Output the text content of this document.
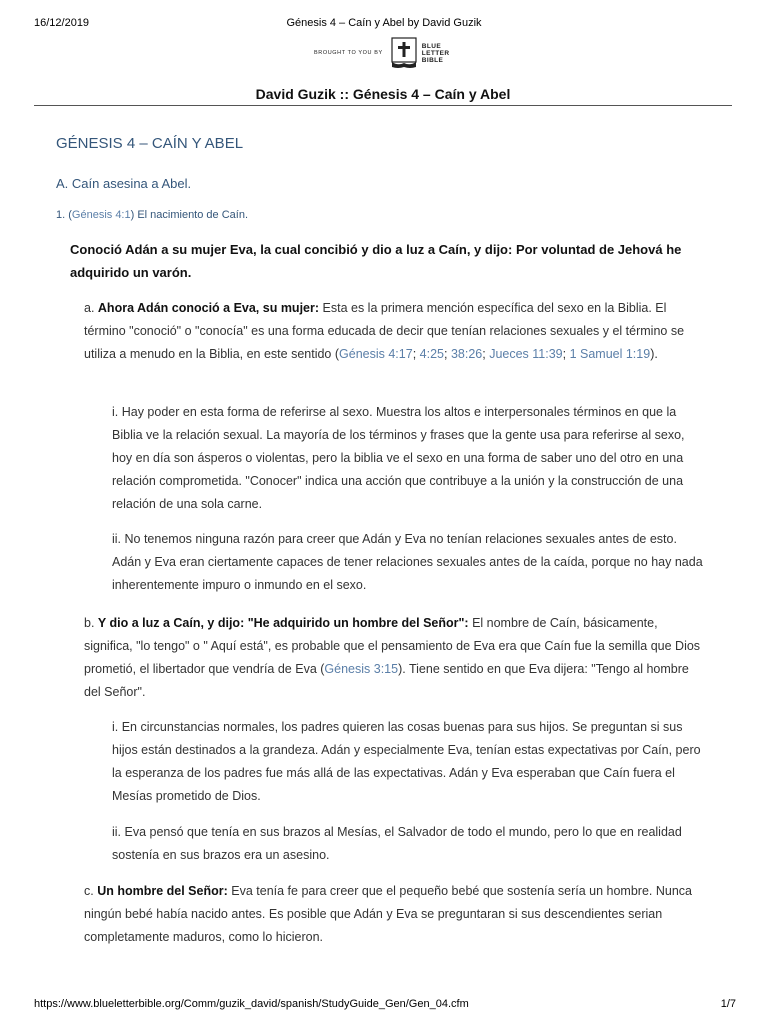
16/12/2019	Génesis 4 – Caín y Abel by David Guzik
BROUGHT TO YOU BY
BLUE
LETTER
BIBLE
David Guzik :: Génesis 4 – Caín y Abel
GÉNESIS 4 – CAÍN Y ABEL
A. Caín asesina a Abel.
1. (Génesis 4:1) El nacimiento de Caín.
Conoció Adán a su mujer Eva, la cual concibió y dio a luz a Caín, y dijo: Por voluntad de Jehová he adquirido un varón.

a. Ahora Adán conoció a Eva, su mujer: Esta es la primera mención específica del sexo en la Biblia. El término "conoció" o "conocía" es una forma educada de decir que tenían relaciones sexuales y el término se utiliza a menudo en la Biblia, en este sentido (Génesis 4:17; 4:25; 38:26; Jueces 11:39; 1 Samuel 1:19).

i. Hay poder en esta forma de referirse al sexo. Muestra los altos e interpersonales términos en que la Biblia ve la relación sexual. La mayoría de los términos y frases que la gente usa para referirse al sexo, hoy en día son ásperos o violentas, pero la biblia ve el sexo en una forma de saber uno del otro en una relación comprometida. "Conocer" indica una acción que contribuye a la unión y la construcción de una relación de una sola carne.

ii. No tenemos ninguna razón para creer que Adán y Eva no tenían relaciones sexuales antes de esto. Adán y Eva eran ciertamente capaces de tener relaciones sexuales antes de la caída, porque no hay nada inherentemente impuro o inmundo en el sexo.

b. Y dio a luz a Caín, y dijo: "He adquirido un hombre del Señor": El nombre de Caín, básicamente, significa, "lo tengo" o " Aquí está", es probable que el pensamiento de Eva era que Caín fue la semilla que Dios prometió, el libertador que vendría de Eva (Génesis 3:15). Tiene sentido en que Eva dijera: "Tengo al hombre del Señor".

i. En circunstancias normales, los padres quieren las cosas buenas para sus hijos. Se preguntan si sus hijos están destinados a la grandeza. Adán y especialmente Eva, tenían estas expectativas por Caín, pero la esperanza de los padres fue más allá de las expectativas. Adán y Eva esperaban que Caín fuera el Mesías prometido de Dios.

ii. Eva pensó que tenía en sus brazos al Mesías, el Salvador de todo el mundo, pero lo que en realidad sostenía en sus brazos era un asesino.

c. Un hombre del Señor: Eva tenía fe para creer que el pequeño bebé que sostenía sería un hombre. Nunca ningún bebé había nacido antes. Es posible que Adán y Eva se preguntaran si sus descendientes serian completamente maduros, como lo hicieron.

https://www.blueletterbible.org/Comm/guzik_david/spanish/StudyGuide_Gen/Gen_04.cfm	1/7
